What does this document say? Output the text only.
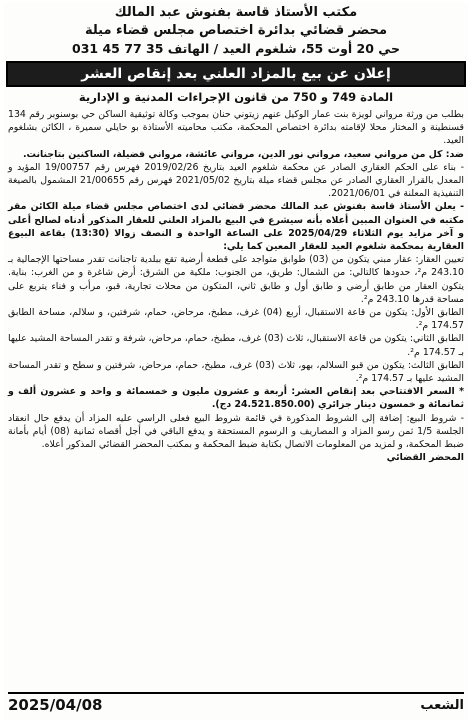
مكتب الأستاذ قاسة بفنوش عبد المالك
محضر قضائي بدائرة اختصاص مجلس قضاء ميلة
حي 20 أوت 55، شلغوم العيد / الهاتف 35 77 45 031
إعلان عن بيع بالمزاد العلني بعد إنقاص العشر
المادة 749 و 750 من قانون الإجراءات المدنية و الإدارية

بطلب من ورثة مرواني لويزة بنت عمار الوكيل عنهم زيتوني حنان بموجب وكالة توثيقية الساكن حي بوسنوبر رقم 134 قسنطينة و المختار محلا لإقامته بدائرة اختصاص المحكمة، مكتب محاميته الأستاذة بو حايلي سميرة ، الكائن بشلغوم العيد.

ضد: كل من مرواني سعيد، مرواني نور الدين، مرواني عائشة، مرواني فضيلة، الساكنين بتاجنانت.

- بناء على الحكم العقاري الصادر عن محكمة شلغوم العيد بتاريخ 2019/02/26 فهرس رقم 19/00757 المؤيد و المعدل بالقرار العقاري الصادر عن مجلس قضاء ميلة بتاريخ 2021/05/02 فهرس رقم 21/00655 المشمول بالصيغة التنفيذية المعلنة في 2021/06/01.

- يعلن الأستاذ قاسة بفنوش عبد المالك محضر قضائي لدى اختصاص مجلس قضاء ميلة الكائن مقر مكتبه في العنوان المبين أعلاه بأنه سيشرع في البيع بالمزاد العلني للعقار المذكور أدناه لصالح أعلى و آخر مزايد يوم الثلاثاء 2025/04/29 على الساعة الواحدة و النصف زوالا (13:30) بقاعة البيوع العقارية بمحكمة شلغوم العيد للعقار المعين كما يلي:

تعيين العقار: عقار مبني يتكون من (03) طوابق متواجد على قطعة أرضية تقع ببلدية تاجنانت تقدر مساحتها الإجمالية بـ 243.10 م²، حدودها كالتالي: من الشمال: طريق، من الجنوب: ملكية من الشرق: أرض شاغرة و من الغرب: بناية. يتكون العقار من طابق أرضي و طابق أول و طابق ثاني، المتكون من محلات تجارية، قبو، مرأب و فناء يتربع على مساحة قدرها 243.10 م².

الطابق الأول: يتكون من قاعة الاستقبال، أربع (04) غرف، مطبخ، مرحاض، حمام، شرفتين، و سلالم، مساحة الطابق 174.57 م².

الطابق الثاني: يتكون من قاعة الاستقبال، ثلاث (03) غرف، مطبخ، حمام، مرحاض، شرفة و تقدر المساحة المشيد عليها بـ 174.57 م².

الطابق الثالث: يتكون من قبو السلالم، بهو، ثلاث (03) غرف، مطبخ، حمام، مرحاض، شرفتين و سطح و تقدر المساحة المشيد عليها بـ 174.57 م².

* السعر الافتتاحي بعد إنقاص العشر: أربعة و عشرون مليون و خمسمائة و واحد و عشرون ألف و ثمانمائة و خمسون دينار جزائري (24.521.850.00 دج).

- شروط البيع: إضافة إلى الشروط المذكورة في قائمة شروط البيع فعلى الراسي عليه المزاد أن يدفع حال انعقاد الجلسة 1/5 ثمن رسو المزاد و المصاريف و الرسوم المستحقة و يدفع الباقي في أجل أقصاه ثمانية (08) أيام بأمانة ضبط المحكمة، و لمزيد من المعلومات الاتصال بكتابة ضبط المحكمة و بمكتب المحضر القضائي المذكور أعلاه.

المحضر القضائي

الشعب
2025/04/08
